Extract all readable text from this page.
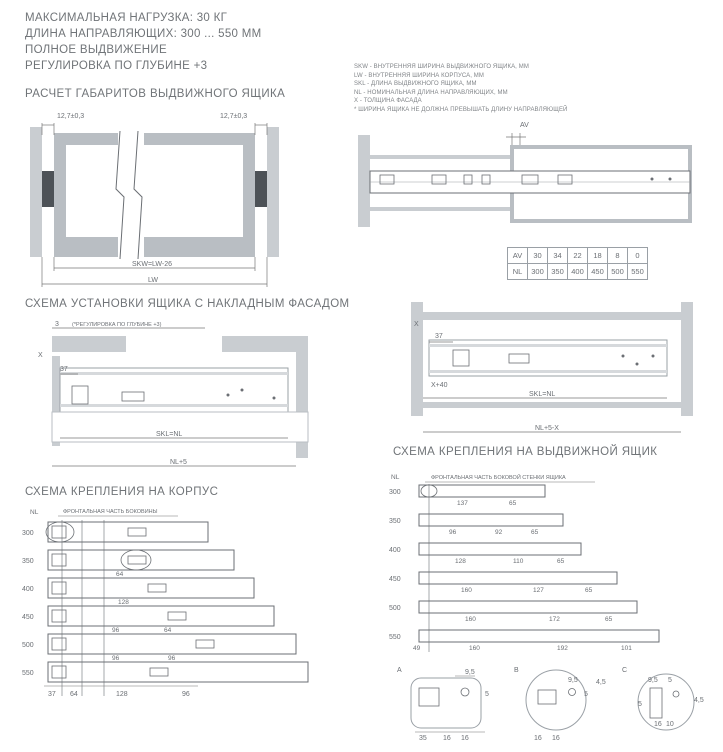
МАКСИМАЛЬНАЯ НАГРУЗКА: 30 КГ
ДЛИНА НАПРАВЛЯЮЩИХ: 300 ... 550 ММ
ПОЛНОЕ ВЫДВИЖЕНИЕ
РЕГУЛИРОВКА ПО ГЛУБИНЕ +3	SKW - ВНУТРЕННЯЯ ШИРИНА ВЫДВИЖНОГО ЯЩИКА, ММ
LW - ВНУТРЕННЯЯ ШИРИНА КОРПУСА, ММ
SKL - ДЛИНА ВЫДВИЖНОГО ЯЩИКА, ММ
NL - НОМИНАЛЬНАЯ ДЛИНА НАПРАВЛЯЮЩИХ, ММ
X - ТОЛЩИНА ФАСАДА
* ШИРИНА ЯЩИКА НЕ ДОЛЖНА ПРЕВЫШАТЬ ДЛИНУ НАПРАВЛЯЮЩЕЙ
РАСЧЕТ ГАБАРИТОВ ВЫДВИЖНОГО ЯЩИКА
СХЕМА УСТАНОВКИ ЯЩИКА С НАКЛАДНЫМ ФАСАДОМ
СХЕМА КРЕПЛЕНИЯ НА ВЫДВИЖНОЙ ЯЩИК
СХЕМА КРЕПЛЕНИЯ НА КОРПУС
12,7±0,3	12,7±0,3
SKW=LW-26
LW
AV
AV	30	34	22	18	8	0
NL	300	350	400	450	500	550
3 (*РЕГУЛИРОВКА ПО ГЛУБИНЕ +3)
X
37
SKL=NL
NL+5
X
37
X+40
SKL=NL
NL+5-X
NL	ФРОНТАЛЬНАЯ ЧАСТЬ БОКОВИНЫ
300
350
400
450
500
550
128
64
96	64
96	96
37 64	128	96
NL	ФРОНТАЛЬНАЯ ЧАСТЬ БОКОВОЙ СТЕНКИ ЯЩИКА
300
350
400
450
500
550
137	65
96	92	65
128	110	65
160	127	65
160	172	65
49	160	192	101
A	9,5
5
35 16 16
B
9,5
5
4,5
16 16
C
9,5 5
4,5
5
16 10
